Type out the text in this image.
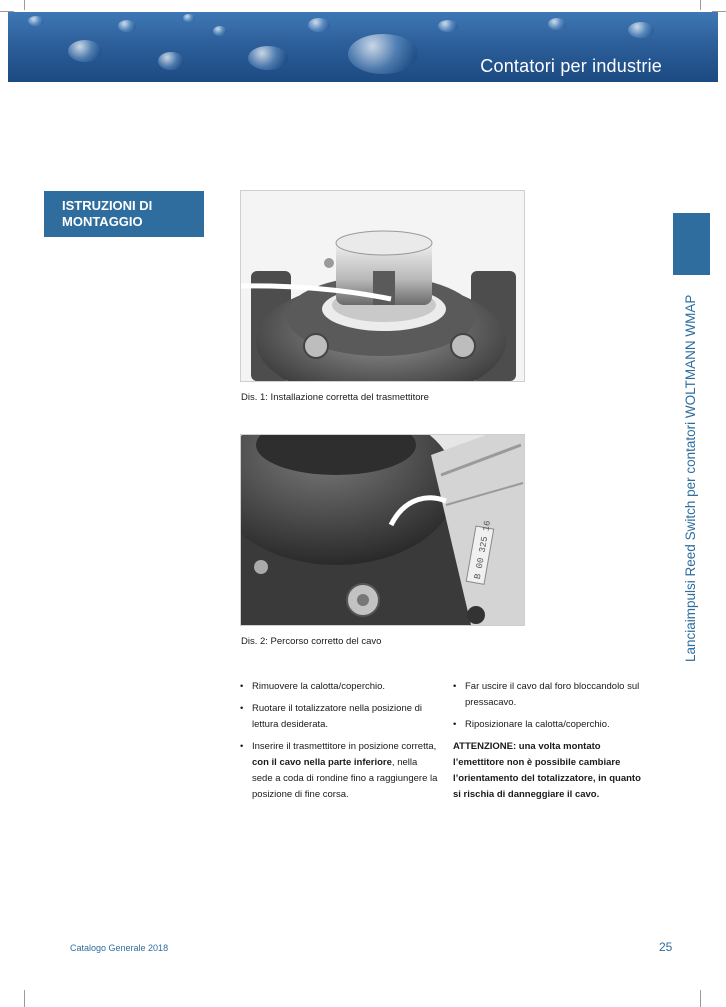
Contatori per industrie
ISTRUZIONI DI
MONTAGGIO
Lanciaimpulsi Reed Switch per contatori WOLTMANN WMAP
Dis. 1: Installazione corretta del trasmettitore
B 00 325 16
Dis. 2: Percorso corretto del cavo
• Rimuovere la calotta/coperchio.
• Ruotare il totalizzatore nella posizione di lettura desiderata.
• Inserire il trasmettitore in posizione corretta, con il cavo nella parte inferiore, nella sede a coda di rondine fino a raggiungere la posizione di fine corsa.
• Far uscire il cavo dal foro bloccandolo sul pressacavo.
• Riposizionare la calotta/coperchio.
ATTENZIONE: una volta montato l’emettitore non è possibile cambiare l’orientamento del totalizzatore, in quanto si rischia di danneggiare il cavo.
Catalogo Generale 2018	25
